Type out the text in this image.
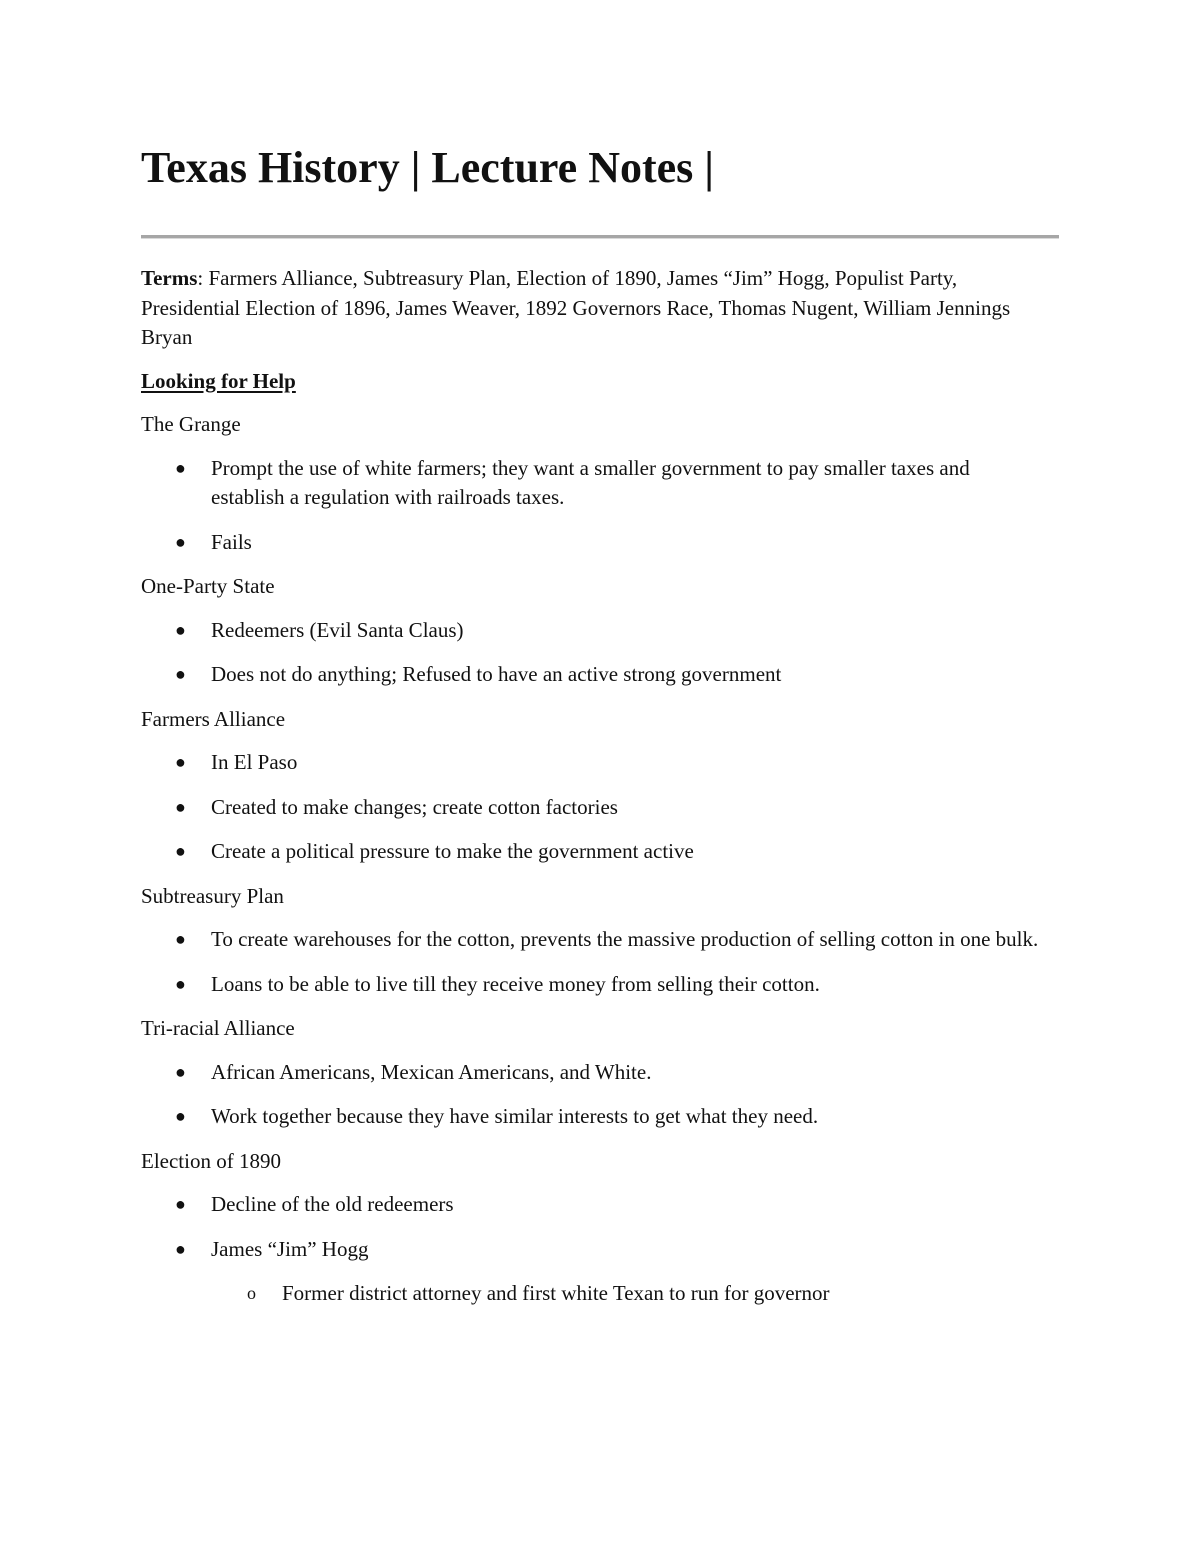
Texas History | Lecture Notes |

Terms: Farmers Alliance, Subtreasury Plan, Election of 1890, James “Jim” Hogg, Populist Party, Presidential Election of 1896, James Weaver, 1892 Governors Race, Thomas Nugent, William Jennings Bryan

Looking for Help

The Grange

● Prompt the use of white farmers; they want a smaller government to pay smaller taxes and establish a regulation with railroads taxes.
● Fails

One-Party State

● Redeemers (Evil Santa Claus)
● Does not do anything; Refused to have an active strong government

Farmers Alliance

● In El Paso
● Created to make changes; create cotton factories
● Create a political pressure to make the government active

Subtreasury Plan

● To create warehouses for the cotton, prevents the massive production of selling cotton in one bulk.
● Loans to be able to live till they receive money from selling their cotton.

Tri-racial Alliance

● African Americans, Mexican Americans, and White.
● Work together because they have similar interests to get what they need.

Election of 1890

● Decline of the old redeemers
● James “Jim” Hogg
o Former district attorney and first white Texan to run for governor
